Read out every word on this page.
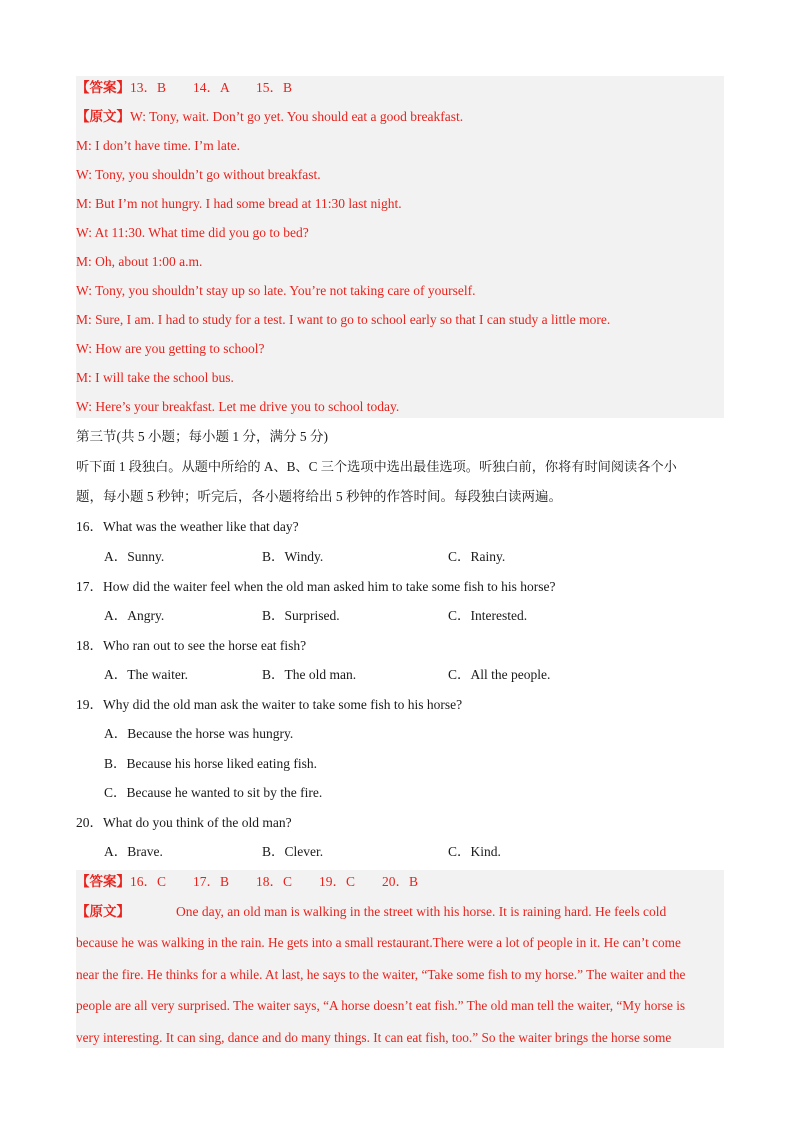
【答案】13．B　　14．A　　15．B
【原文】W: Tony, wait. Don’t go yet. You should eat a good breakfast.
M: I don’t have time. I’m late.
W: Tony, you shouldn’t go without breakfast.
M: But I’m not hungry. I had some bread at 11:30 last night.
W: At 11:30. What time did you go to bed?
M: Oh, about 1:00 a.m.
W: Tony, you shouldn’t stay up so late. You’re not taking care of yourself.
M: Sure, I am. I had to study for a test. I want to go to school early so that I can study a little more.
W: How are you getting to school?
M: I will take the school bus.
W: Here’s your breakfast. Let me drive you to school today.
第三节(共 5 小题；每小题 1 分，满分 5 分)
听下面 1 段独白。从题中所给的 A、B、C 三个选项中选出最佳选项。听独白前，你将有时间阅读各个小
题，每小题 5 秒钟；听完后，各小题将给出 5 秒钟的作答时间。每段独白读两遍。
16．What was the weather like that day?
A．Sunny.	B．Windy.	C．Rainy.
17．How did the waiter feel when the old man asked him to take some fish to his horse?
A．Angry.	B．Surprised.	C．Interested.
18．Who ran out to see the horse eat fish?
A．The waiter.	B．The old man.	C．All the people.
19．Why did the old man ask the waiter to take some fish to his horse?
A．Because the horse was hungry.
B．Because his horse liked eating fish.
C．Because he wanted to sit by the fire.
20．What do you think of the old man?
A．Brave.	B．Clever.	C．Kind.
【答案】16．C　　17．B　　18．C　　19．C　　20．B
【原文】	One day, an old man is walking in the street with his horse. It is raining hard. He feels cold
because he was walking in the rain. He gets into a small restaurant.There were a lot of people in it. He can’t come
near the fire. He thinks for a while. At last, he says to the waiter, “Take some fish to my horse.” The waiter and the
people are all very surprised. The waiter says, “A horse doesn’t eat fish.” The old man tell the waiter, “My horse is
very interesting. It can sing, dance and do many things. It can eat fish, too.” So the waiter brings the horse some
